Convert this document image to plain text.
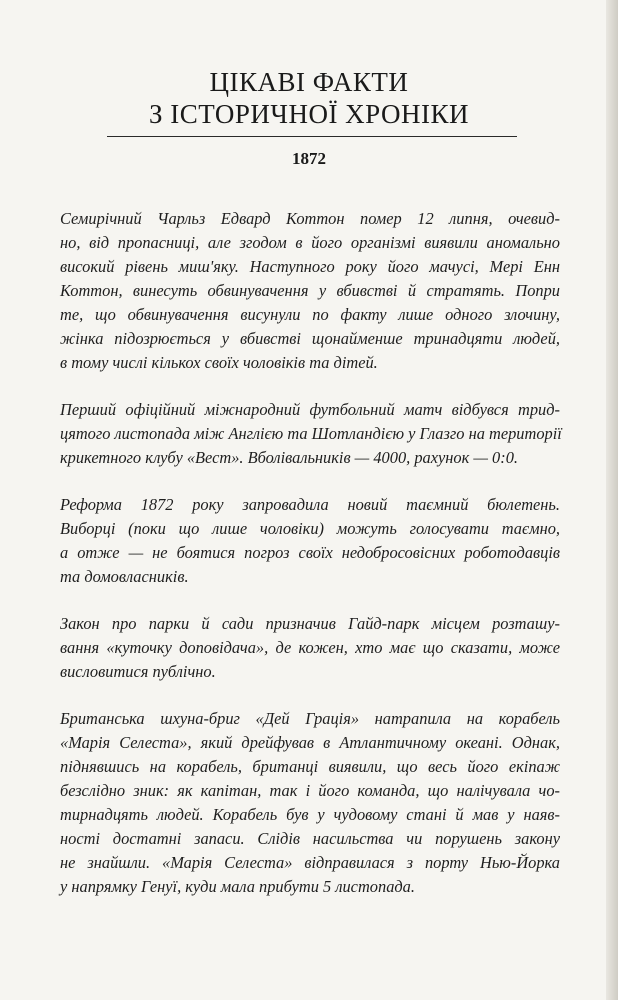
ЦІКАВІ ФАКТИ
З ІСТОРИЧНОЇ ХРОНІКИ
1872

Семирічний Чарльз Едвард Коттон помер 12 липня, очевид-
но, від пропасниці, але згодом в його організмі виявили аномально
високий рівень миш'яку. Наступного року його мачусі, Мері Енн
Коттон, винесуть обвинувачення у вбивстві й стратять. Попри
те, що обвинувачення висунули по факту лише одного злочину,
жінка підозрюється у вбивстві щонайменше тринадцяти людей,
в тому числі кількох своїх чоловіків та дітей.

Перший офіційний міжнародний футбольний матч відбувся трид-
цятого листопада між Англією та Шотландією у Глазго на території
крикетного клубу «Вест». Вболівальників — 4000, рахунок — 0:0.

Реформа 1872 року запровадила новий таємний бюлетень.
Виборці (поки що лише чоловіки) можуть голосувати таємно,
а отже — не боятися погроз своїх недобросовісних роботодавців
та домовласників.

Закон про парки й сади призначив Гайд-парк місцем розташу-
вання «куточку доповідача», де кожен, хто має що сказати, може
висловитися публічно.

Британська шхуна-бриг «Дей Грація» натрапила на корабель
«Марія Селеста», який дрейфував в Атлантичному океані. Однак,
піднявшись на корабель, британці виявили, що весь його екіпаж
безслідно зник: як капітан, так і його команда, що налічувала чо-
тирнадцять людей. Корабель був у чудовому стані й мав у наяв-
ності достатні запаси. Слідів насильства чи порушень закону
не знайшли. «Марія Селеста» відправилася з порту Нью-Йорка
у напрямку Генуї, куди мала прибути 5 листопада.
